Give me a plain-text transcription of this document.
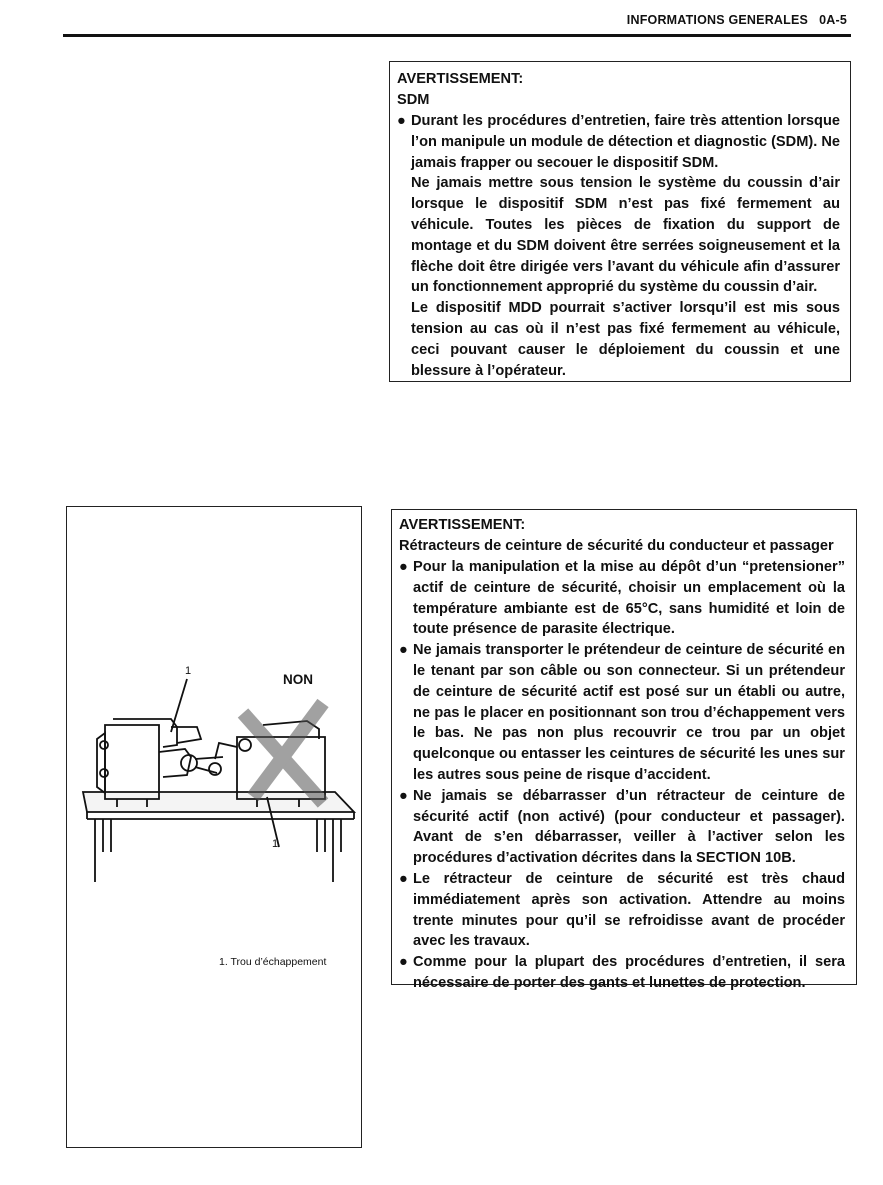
INFORMATIONS GENERALES 0A-5
AVERTISSEMENT:
SDM
● Durant les procédures d’entretien, faire très attention lorsque l’on manipule un module de détection et diagnostic (SDM). Ne jamais frapper ou secouer le dispositif SDM.
Ne jamais mettre sous tension le système du coussin d’air lorsque le dispositif SDM n’est pas fixé fermement au véhicule. Toutes les pièces de fixation du support de montage et du SDM doivent être serrées soigneusement et la flèche doit être dirigée vers l’avant du véhicule afin d’assurer un fonctionnement approprié du système du coussin d’air.
Le dispositif MDD pourrait s’activer lorsqu’il est mis sous tension au cas où il n’est pas fixé fermement au véhicule, ceci pouvant causer le déploiement du coussin et une blessure à l’opérateur.
1
1
NON
1. Trou d’échappement
AVERTISSEMENT:
Rétracteurs de ceinture de sécurité du conducteur et passager
● Pour la manipulation et la mise au dépôt d’un “pretensioner” actif de ceinture de sécurité, choisir un emplacement où la température ambiante est de 65°C, sans humidité et loin de toute présence de parasite électrique.
● Ne jamais transporter le prétendeur de ceinture de sécurité en le tenant par son câble ou son connecteur. Si un prétendeur de ceinture de sécurité actif est posé sur un établi ou autre, ne pas le placer en positionnant son trou d’échappement vers le bas. Ne pas non plus recouvrir ce trou par un objet quelconque ou entasser les ceintures de sécurité les unes sur les autres sous peine de risque d’accident.
● Ne jamais se débarrasser d’un rétracteur de ceinture de sécurité actif (non activé) (pour conducteur et passager). Avant de s’en débarrasser, veiller à l’activer selon les procédures d’activation décrites dans la SECTION 10B.
● Le rétracteur de ceinture de sécurité est très chaud immédiatement après son activation. Attendre au moins trente minutes pour qu’il se refroidisse avant de procéder avec les travaux.
● Comme pour la plupart des procédures d’entretien, il sera nécessaire de porter des gants et lunettes de protection.
